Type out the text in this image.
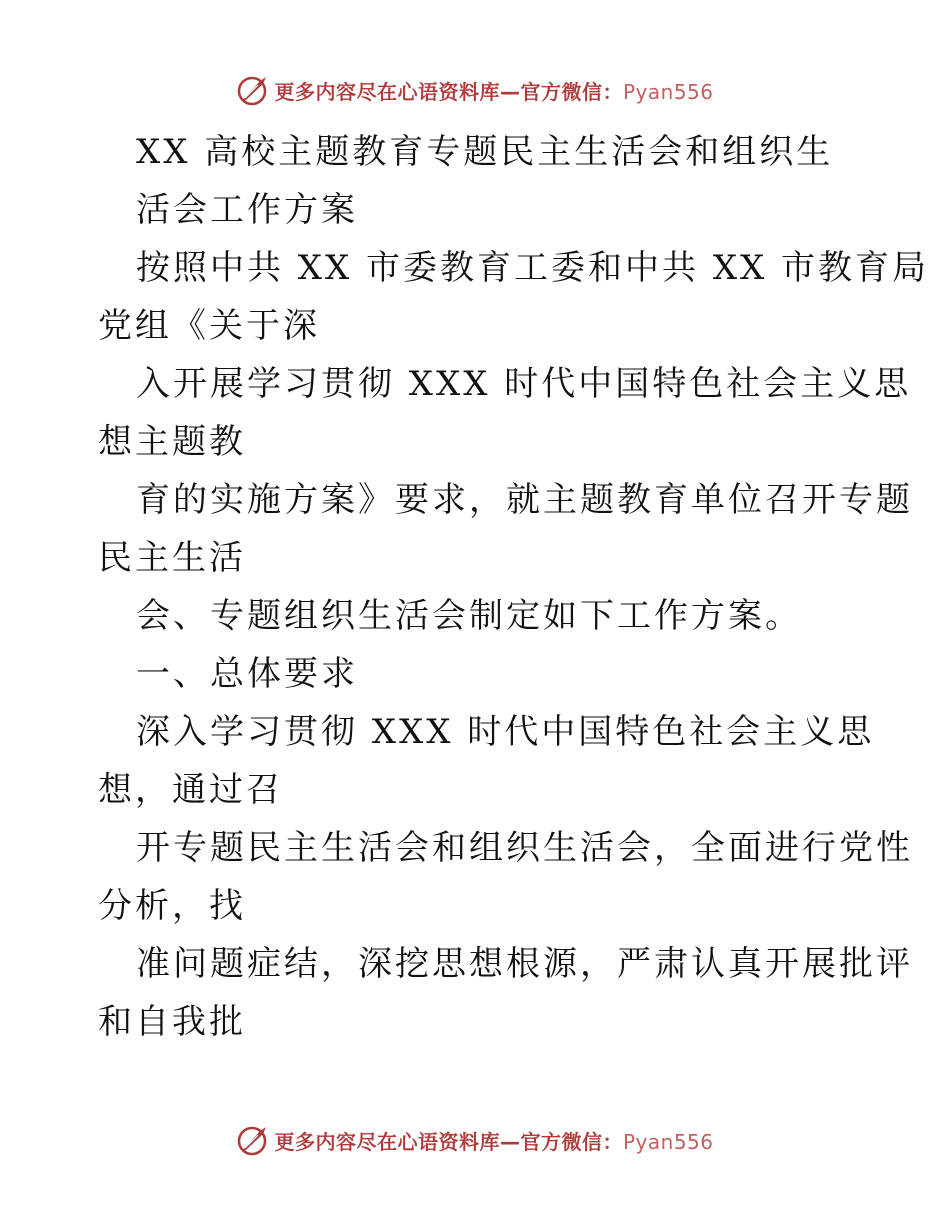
更多内容尽在心语资料库—官方微信：Pyan556
XX 高校主题教育专题民主生活会和组织生
活会工作方案
按照中共 XX 市委教育工委和中共 XX 市教育局
党组《关于深
入开展学习贯彻 XXX 时代中国特色社会主义思
想主题教
育的实施方案》要求，就主题教育单位召开专题
民主生活
会、专题组织生活会制定如下工作方案。
一、总体要求
深入学习贯彻 XXX 时代中国特色社会主义思
想，通过召
开专题民主生活会和组织生活会，全面进行党性
分析，找
准问题症结，深挖思想根源，严肃认真开展批评
和自我批
更多内容尽在心语资料库—官方微信：Pyan556
